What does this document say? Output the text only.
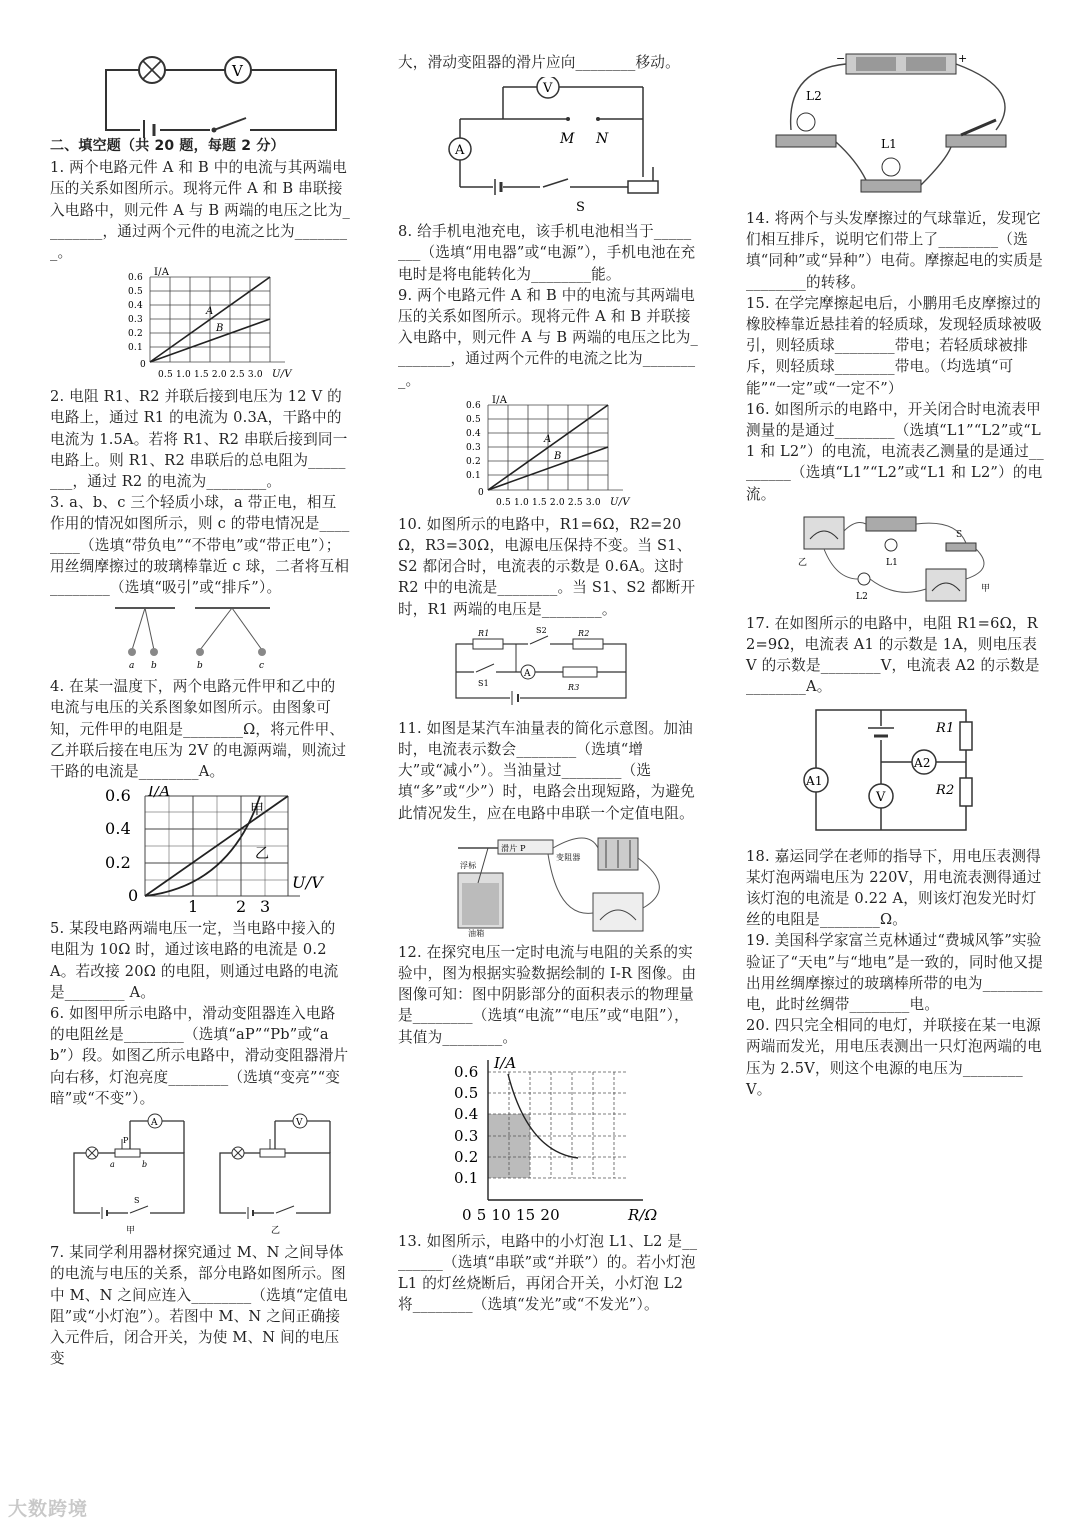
V

二、填空题（共 20 题，每题 2 分）

1. 两个电路元件 A 和 B 中的电流与其两端电压的关系如图所示。现将元件 A 和 B 串联接入电路中，则元件 A 与 B 两端的电压之比为________，通过两个元件的电流之比为________。

A
B
I/A
0.6
0.5
0.4
0.3
0.2
0.1
0
0.5 1.0 1.5 2.0 2.5 3.0 U/V

2. 电阻 R1、R2 并联后接到电压为 12 V 的电路上，通过 R1 的电流为 0.3A，干路中的电流为 1.5A。若将 R1、R2 串联后接到同一电路上。则 R1、R2 串联后的总电阻为________，通过 R2 的电流为________。

3. a、b、c 三个轻质小球，a 带正电，相互作用的情况如图所示，则 c 的带电情况是________（选填“带负电”“不带电”或“带正电”）；用丝绸摩擦过的玻璃棒靠近 c 球，二者将互相________（选填“吸引”或“排斥”）。

a b	b	c

4. 在某一温度下，两个电路元件甲和乙中的电流与电压的关系图象如图所示。由图象可知，元件甲的电阻是________Ω，将元件甲、乙并联后接在电压为 2V 的电源两端，则流过干路的电流是________A。

甲
乙
I/A
0.6
0.4
0.2
0
1 2 3
U/V

5. 某段电路两端电压一定，当电路中接入的电阻为 10Ω 时，通过该电路的电流是 0.2A。若改接 20Ω 的电阻，则通过电路的电流是________ A。

6. 如图甲所示电路中，滑动变阻器连入电路的电阻丝是________（选填“aP”“Pb”或“ab”）段。如图乙所示电路中，滑动变阻器滑片向右移，灯泡亮度________（选填“变亮”“变暗”或“不变”）。

A
P
a	b
S
甲
V
乙

7. 某同学利用器材探究通过 M、N 之间导体的电流与电压的关系，部分电路如图所示。图中 M、N 之间应连入________（选填“定值电阻”或“小灯泡”）。若图中 M、N 之间正确接入元件后，闭合开关，为使 M、N 间的电压变

大，滑动变阻器的滑片应向________移动。

V
M N
A
S

8. 给手机电池充电，该手机电池相当于________（选填“用电器”或“电源”），手机电池在充电时是将电能转化为________能。

9. 两个电路元件 A 和 B 中的电流与其两端电压的关系如图所示。现将元件 A 和 B 并联接入电路中，则元件 A 与 B 两端的电压之比为________，通过两个元件的电流之比为________。

A
B
I/A
0.6
0.5
0.4
0.3
0.2
0.1
0
0.5 1.0 1.5 2.0 2.5 3.0 U/V

10. 如图所示的电路中，R1=6Ω，R2=20Ω，R3=30Ω，电源电压保持不变。当 S1、S2 都闭合时，电流表的示数是 0.6A。这时 R2 中的电流是________。当 S1、S2 都断开时，R1 两端的电压是________。

R1	R2
S2
S1
A
R3

11. 如图是某汽车油量表的简化示意图。加油时，电流表示数会________（选填“增大”或“减小”）。当油量过________（选填“多”或“少”）时，电路会出现短路，为避免此情况发生，应在电路中串联一个定值电阻。

滑片 P
变阻器
浮标
油箱

12. 在探究电压一定时电流与电阻的关系的实验中，图为根据实验数据绘制的 I-R 图像。由图像可知：图中阴影部分的面积表示的物理量是________（选填“电流”“电压”或“电阻”），其值为________。

I/A
0.6
0.5
0.4
0.3
0.2
0.1
0 5 10 15 20	R/Ω

13. 如图所示，电路中的小灯泡 L1、L2 是________（选填“串联”或“并联”）的。若小灯泡 L1 的灯丝烧断后，再闭合开关，小灯泡 L2 将________（选填“发光”或“不发光”）。

−	+
L2
L1

14. 将两个与头发摩擦过的气球靠近，发现它们相互排斥，说明它们带上了________（选填“同种”或“异种”）电荷。摩擦起电的实质是________的转移。

15. 在学完摩擦起电后，小鹏用毛皮摩擦过的橡胶棒靠近悬挂着的轻质球，发现轻质球被吸引，则轻质球________带电；若轻质球被排斥，则轻质球________带电。（均选填“可能”“一定”或“一定不”）

16. 如图所示的电路中，开关闭合时电流表甲测量的是通过________（选填“L1”“L2”或“L1 和 L2”）的电流，电流表乙测量的是通过________（选填“L1”“L2”或“L1 和 L2”）的电流。

乙	L1
L2
S
甲

17. 在如图所示的电路中，电阻 R1=6Ω，R2=9Ω，电流表 A1 的示数是 1A，则电压表 V 的示数是________V，电流表 A2 的示数是________A。

A1
A2
V
R1
R2

18. 嘉运同学在老师的指导下，用电压表测得某灯泡两端电压为 220V，用电流表测得通过该灯泡的电流是 0.22 A，则该灯泡发光时灯丝的电阻是________Ω。

19. 美国科学家富兰克林通过“费城风筝”实验验证了“天电”与“地电”是一致的，同时他又提出用丝绸摩擦过的玻璃棒所带的电为________电，此时丝绸带________电。

20. 四只完全相同的电灯，并联接在某一电源两端而发光，用电压表测出一只灯泡两端的电压为 2.5V，则这个电源的电压为________V。

大数跨境
